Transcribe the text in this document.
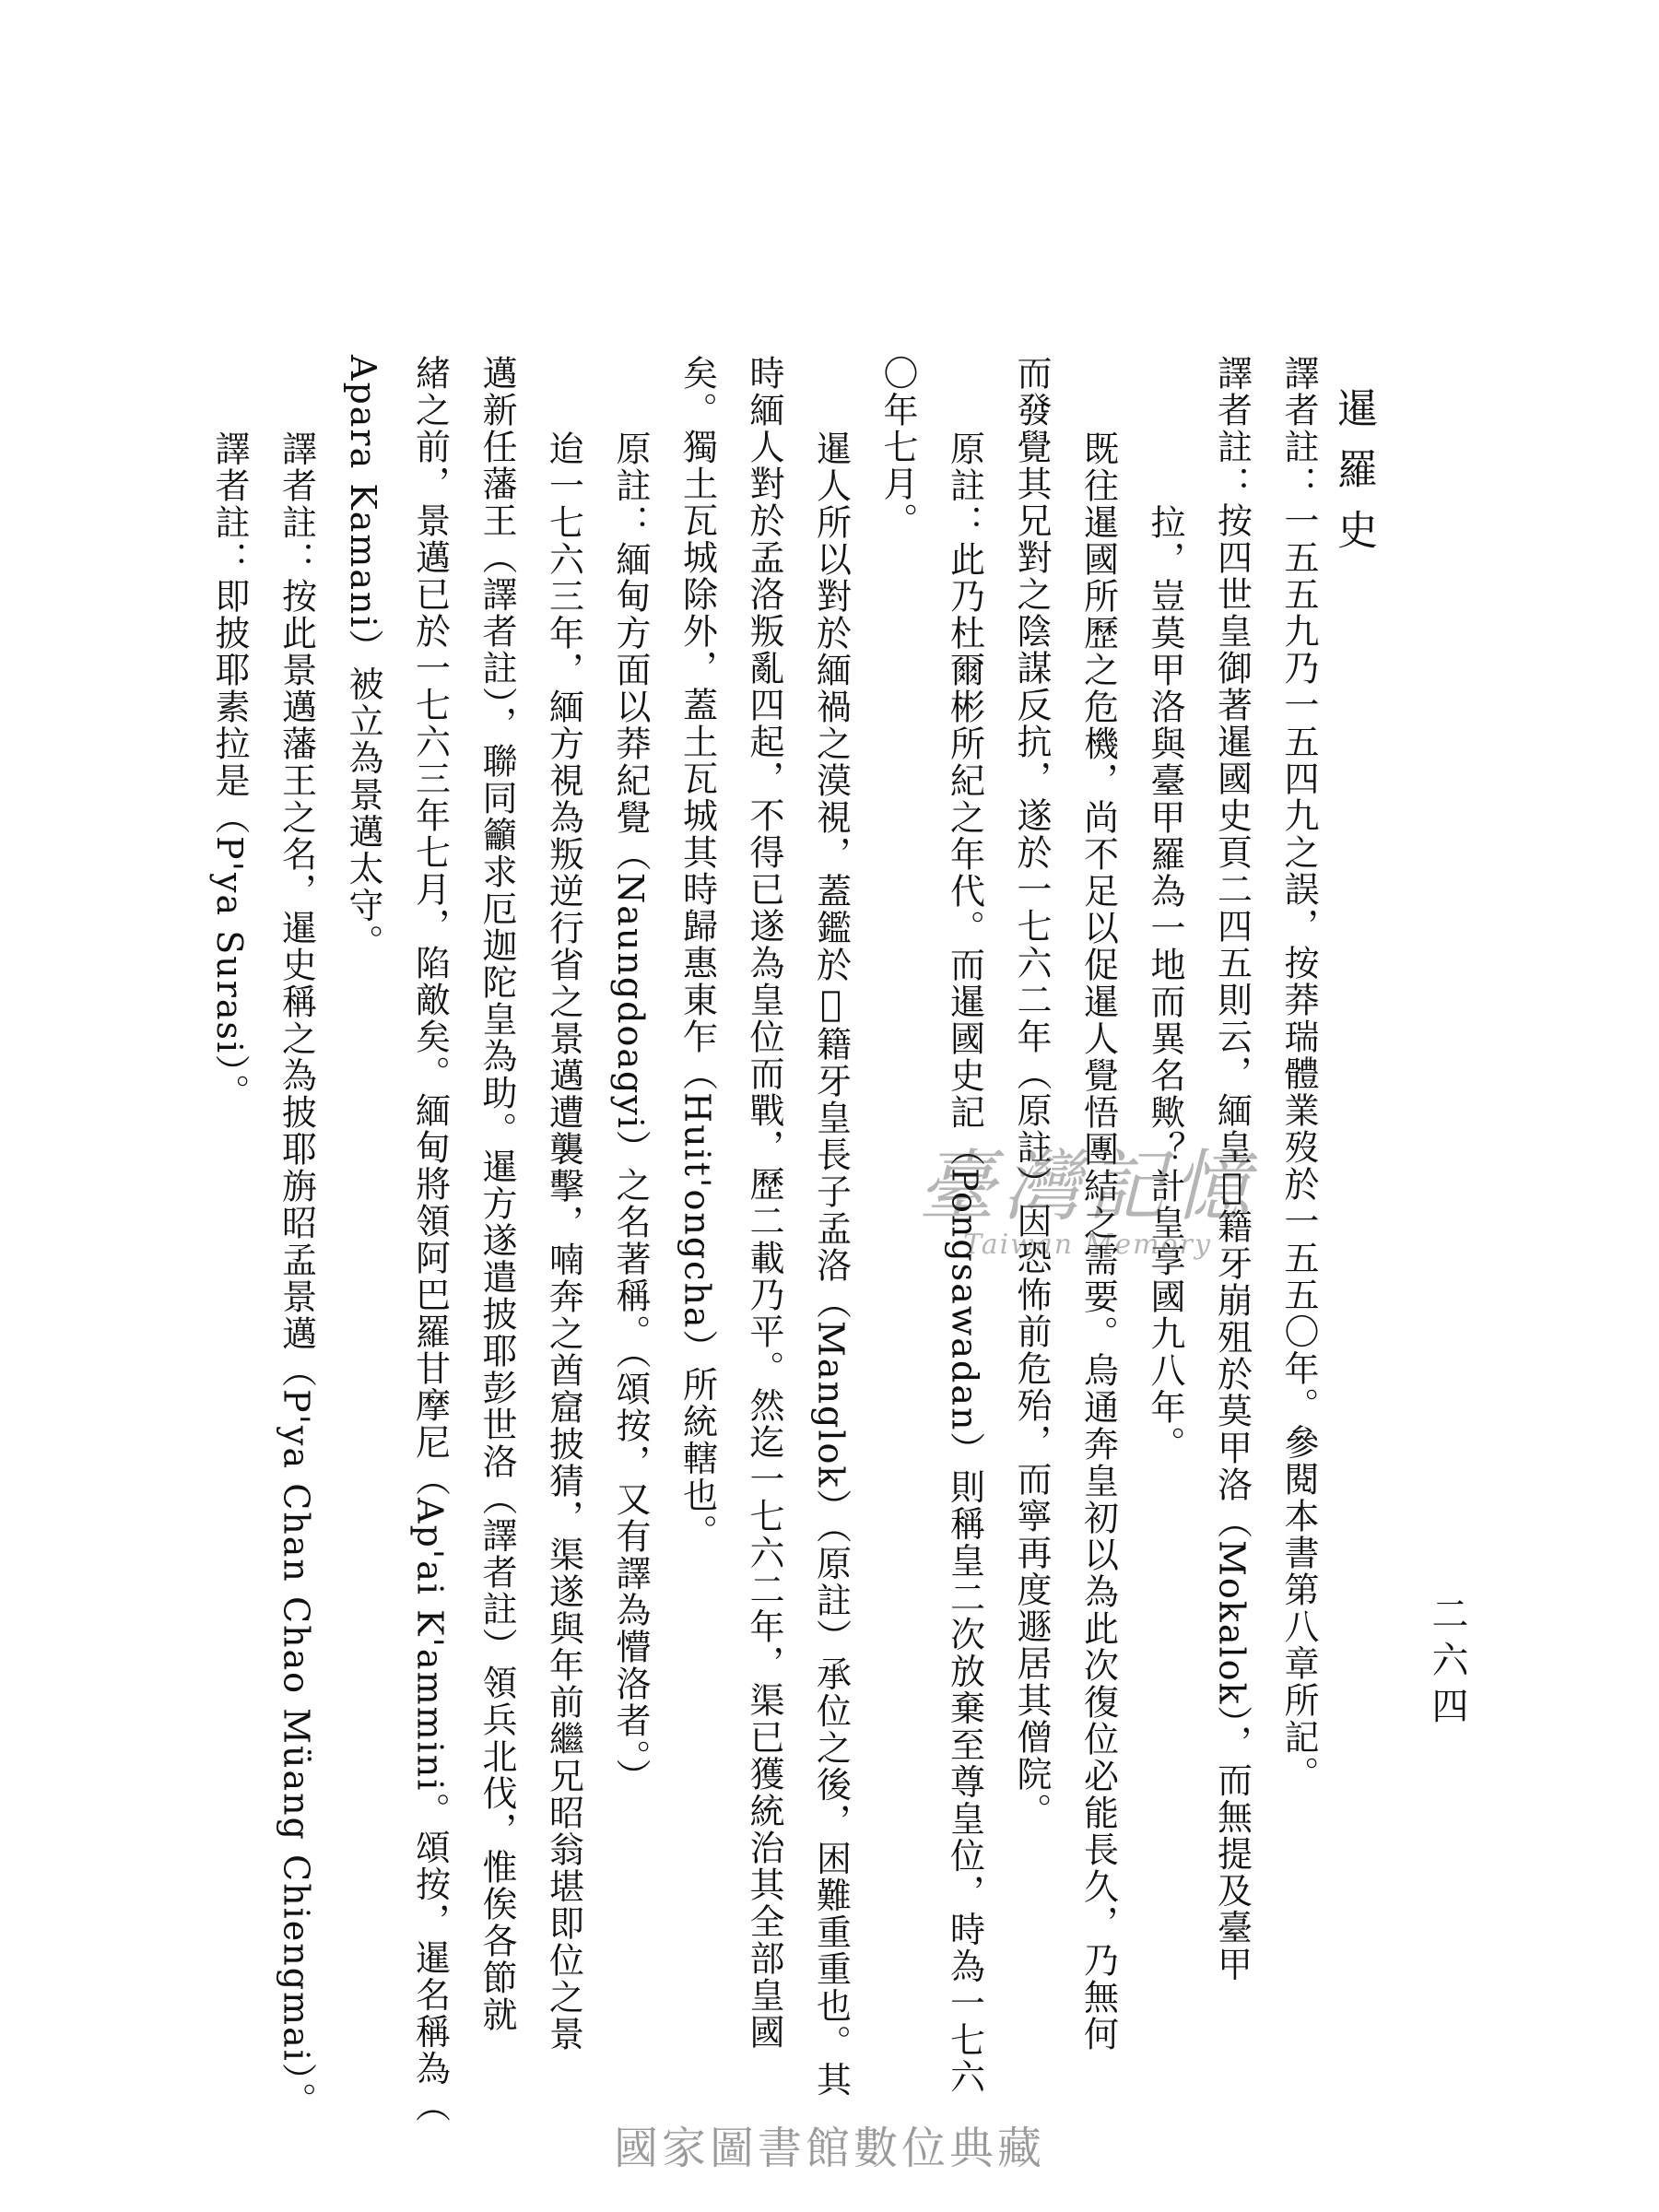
暹羅史
二六四
譯者註：一五五九乃一五四九之誤，按莽瑞體業歿於一五五〇年。參閱本書第八章所記。
譯者註：按四世皇御著暹國史頁二四五則云，緬皇𤖋籍牙崩殂於莫甲洛（Mokalok），而無提及臺甲
拉，豈莫甲洛與臺甲羅為一地而異名歟？計皇享國九八年。
既往暹國所歷之危機，尚不足以促暹人覺悟團結之需要。烏通奔皇初以為此次復位必能長久，乃無何
而發覺其兄對之陰謀反抗，遂於一七六二年（原註）因恐怖前危殆，而寧再度遯居其僧院。
原註：此乃杜爾彬所紀之年代。而暹國史記（Pongsawadan）則稱皇二次放棄至尊皇位，時為一七六
〇年七月。
暹人所以對於緬禍之漠視，蓋鑑於𤖋籍牙皇長子孟洛（Manglok）（原註）承位之後，困難重重也。其
時緬人對於孟洛叛亂四起，不得已遂為皇位而戰，歷二載乃平。然迄一七六二年，渠已獲統治其全部皇國
矣。獨土瓦城除外，蓋土瓦城其時歸惠東乍（Huit'ongcha）所統轄也。
原註：緬甸方面以莽紀覺（Naungdoagyi）之名著稱。（頌按，又有譯為懵洛者。）
迨一七六三年，緬方視為叛逆行省之景邁遭襲擊，喃奔之酋窟披猜，渠遂與年前繼兄昭翁堪即位之景
邁新任藩王（譯者註），聯同籲求厄迦陀皇為助。暹方遂遣披耶彭世洛（譯者註）領兵北伐，惟俟各節就
緒之前，景邁已於一七六三年七月，陷敵矣。緬甸將領阿巴羅甘摩尼（Ap'ai K'ammini。頌按，暹名稱為（
Apara Kamani）被立為景邁太守。
譯者註：按此景邁藩王之名，暹史稱之為披耶旃昭孟景邁（P'ya Chan Chao Müang Chiengmai）。
譯者註：即披耶素拉是（P'ya Surasi）。
臺灣記憶
Taiwan Memory
國家圖書館數位典藏
